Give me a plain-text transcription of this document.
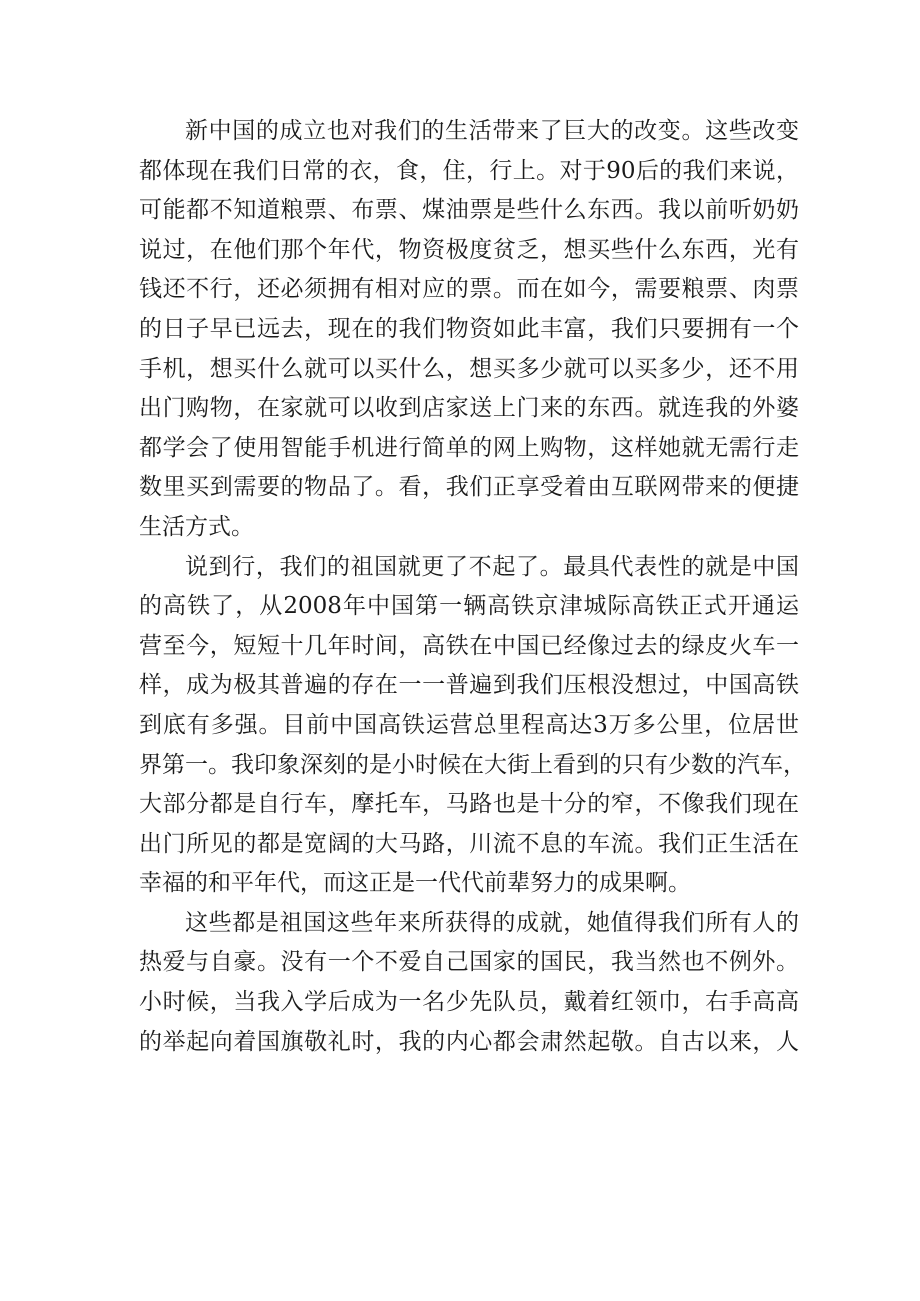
新中国的成立也对我们的生活带来了巨大的改变。这些改变
都体现在我们日常的衣，食，住，行上。对于90后的我们来说，
可能都不知道粮票、布票、煤油票是些什么东西。我以前听奶奶
说过，在他们那个年代，物资极度贫乏，想买些什么东西，光有
钱还不行，还必须拥有相对应的票。而在如今，需要粮票、肉票
的日子早已远去，现在的我们物资如此丰富，我们只要拥有一个
手机，想买什么就可以买什么，想买多少就可以买多少，还不用
出门购物，在家就可以收到店家送上门来的东西。就连我的外婆
都学会了使用智能手机进行简单的网上购物，这样她就无需行走
数里买到需要的物品了。看，我们正享受着由互联网带来的便捷
生活方式。
说到行，我们的祖国就更了不起了。最具代表性的就是中国
的高铁了，从2008年中国第一辆高铁京津城际高铁正式开通运
营至今，短短十几年时间，高铁在中国已经像过去的绿皮火车一
样，成为极其普遍的存在一一普遍到我们压根没想过，中国高铁
到底有多强。目前中国高铁运营总里程高达3万多公里，位居世
界第一。我印象深刻的是小时候在大街上看到的只有少数的汽车，
大部分都是自行车，摩托车，马路也是十分的窄，不像我们现在
出门所见的都是宽阔的大马路，川流不息的车流。我们正生活在
幸福的和平年代，而这正是一代代前辈努力的成果啊。
这些都是祖国这些年来所获得的成就，她值得我们所有人的
热爱与自豪。没有一个不爱自己国家的国民，我当然也不例外。
小时候，当我入学后成为一名少先队员，戴着红领巾，右手高高
的举起向着国旗敬礼时，我的内心都会肃然起敬。自古以来，人
